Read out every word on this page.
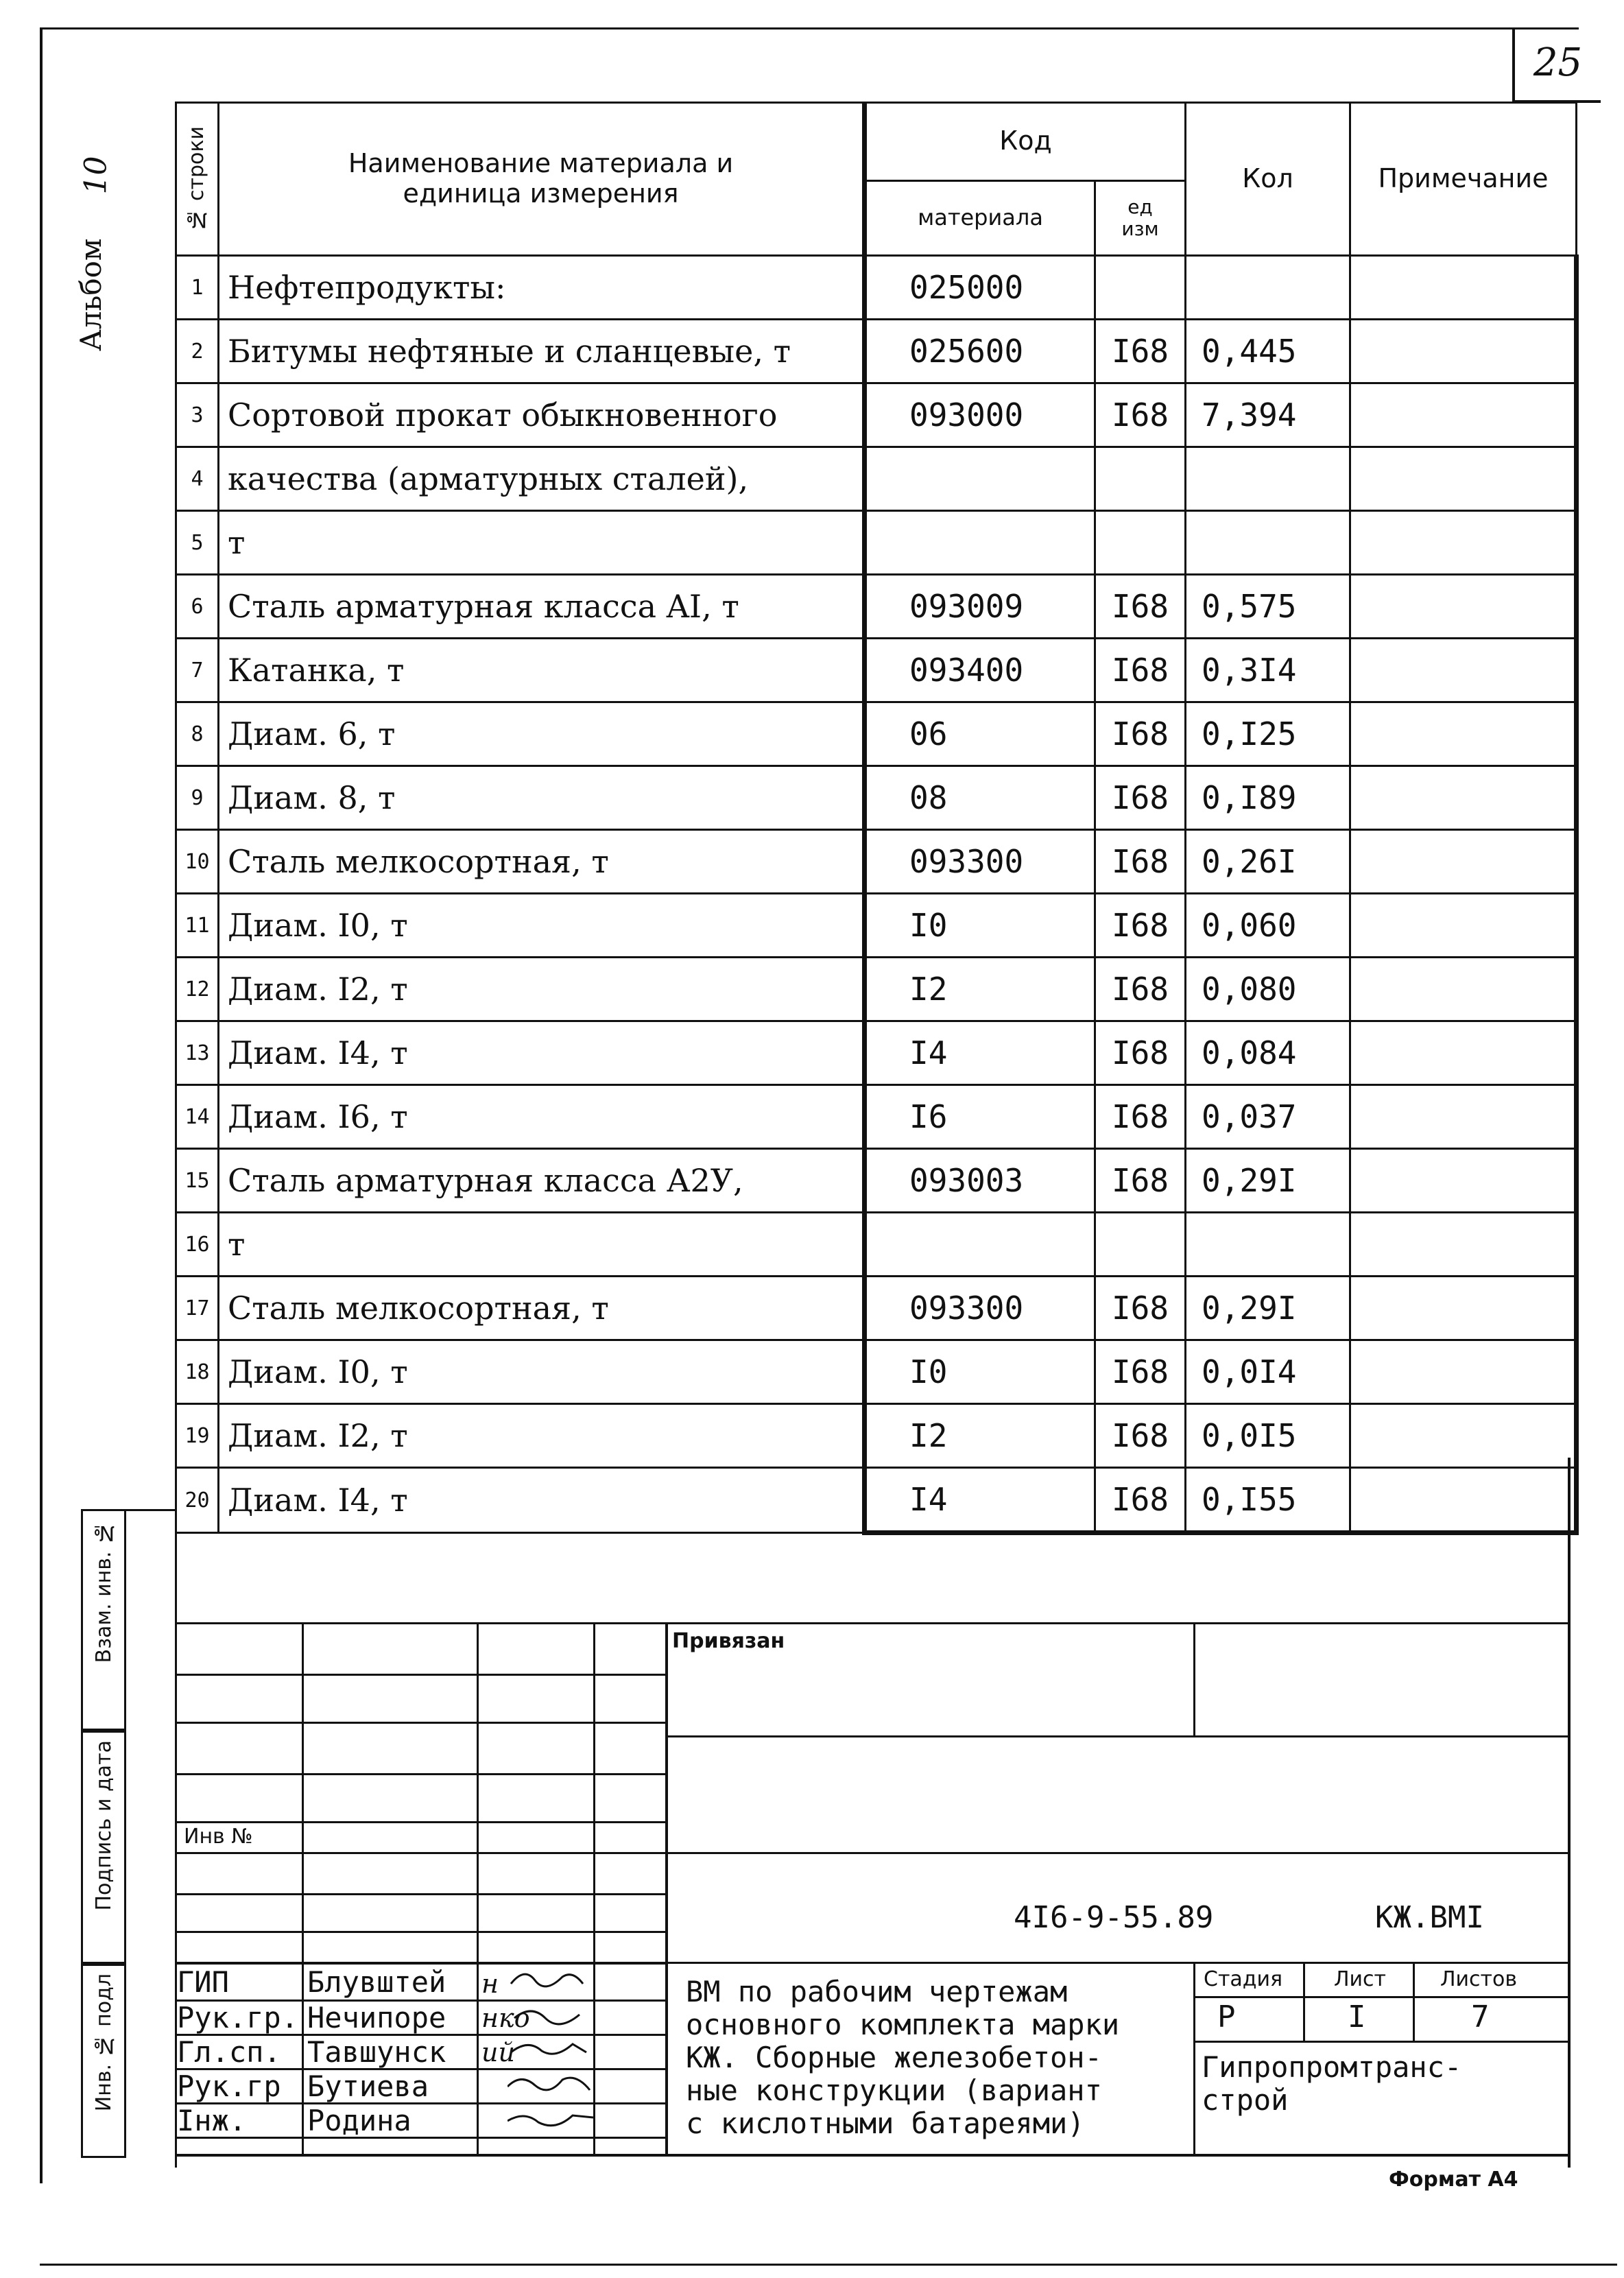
25
10
Альбом
№ строки	Наименование материала и единица измерения	Код		Кол	Примечание
		материала	ед изм		
1	Нефтепродукты:	025000			
2	Битумы нефтяные и сланцевые, т	025600	I68	0,445	
3	Сортовой прокат обыкновенного	093000	I68	7,394	
4	качества (арматурных сталей),				
5	т				
6	Сталь арматурная класса AI, т	093009	I68	0,575	
7	Катанка, т	093400	I68	0,3I4	
8	Диам. 6, т	06	I68	0,I25	
9	Диам. 8, т	08	I68	0,I89	
10	Сталь мелкосортная, т	093300	I68	0,26I	
11	Диам. I0, т	I0	I68	0,060	
12	Диам. I2, т	I2	I68	0,080	
13	Диам. I4, т	I4	I68	0,084	
14	Диам. I6, т	I6	I68	0,037	
15	Сталь арматурная класса А2У,	093003	I68	0,29I	
16	т				
17	Сталь мелкосортная, т	093300	I68	0,29I	
18	Диам. I0, т	I0	I68	0,0I4	
19	Диам. I2, т	I2	I68	0,0I5	
20	Диам. I4, т	I4	I68	0,I55	
Взам. инв. №
Подпись и дата
Инв. № подл
Привязан
Инв №
4I6-9-55.89	КЖ.ВМI
ВМ по рабочим чертежам
основного комплекта марки
КЖ. Сборные железобетон-
ные конструкции (вариант
с кислотными батареями)
Стадия Лист	Листов
Р	I	7
Гипропромтранс-
строй
ГИП	Блувштей н
Рук.гр. Нечипоре нко
Гл.сп. Тавшунск ий
Рук.гр Бутиева
Інж. Родина
Формат А4
